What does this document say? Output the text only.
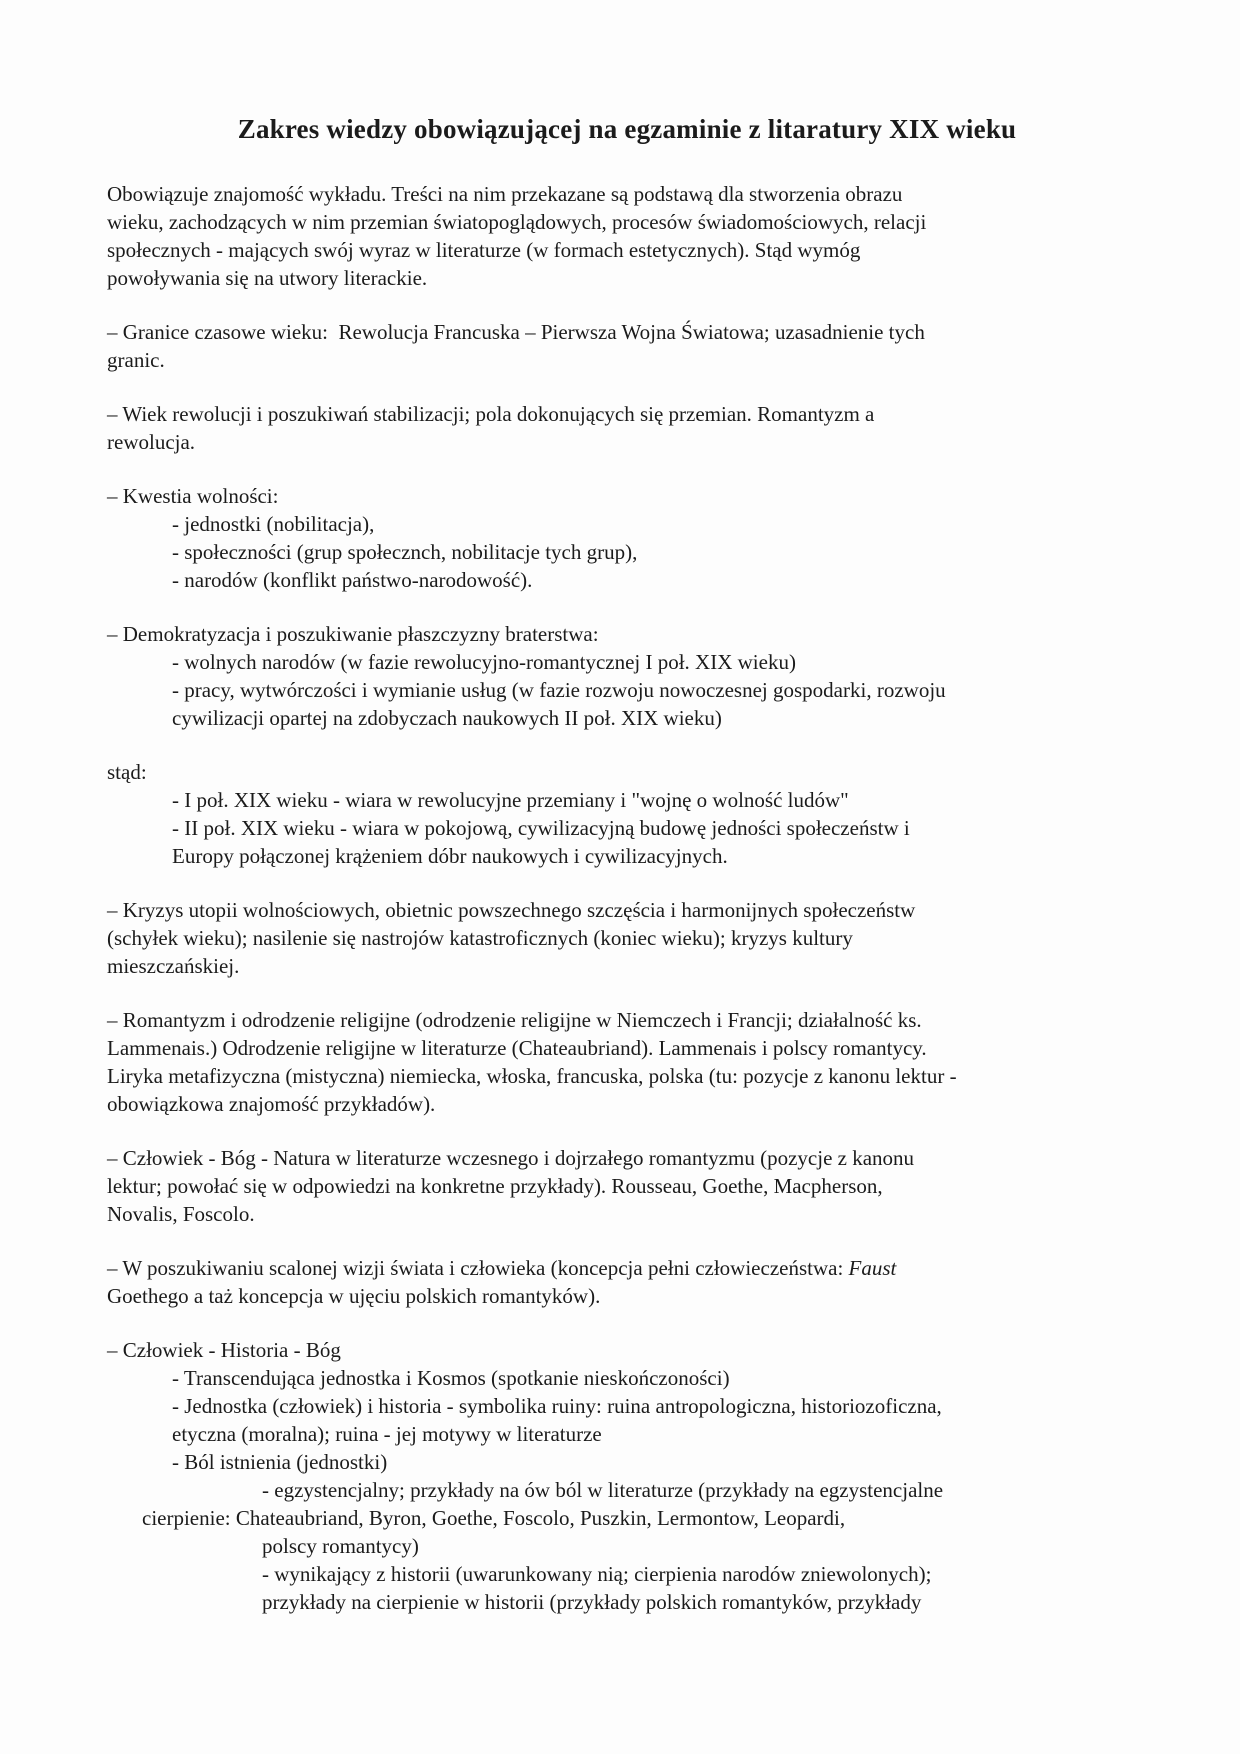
Zakres wiedzy obowiązującej na egzaminie z litaratury XIX wieku
Obowiązuje znajomość wykładu. Treści na nim przekazane są podstawą dla stworzenia obrazu
wieku, zachodzących w nim przemian światopoglądowych, procesów świadomościowych, relacji
społecznych - mających swój wyraz w literaturze (w formach estetycznych). Stąd wymóg
powoływania się na utwory literackie.
– Granice czasowe wieku:  Rewolucja Francuska – Pierwsza Wojna Światowa; uzasadnienie tych
granic.
– Wiek rewolucji i poszukiwań stabilizacji; pola dokonujących się przemian. Romantyzm a
rewolucja.
– Kwestia wolności:
- jednostki (nobilitacja),
- społeczności (grup społecznch, nobilitacje tych grup),
- narodów (konflikt państwo-narodowość).
– Demokratyzacja i poszukiwanie płaszczyzny braterstwa:
- wolnych narodów (w fazie rewolucyjno-romantycznej I poł. XIX wieku)
- pracy, wytwórczości i wymianie usług (w fazie rozwoju nowoczesnej gospodarki, rozwoju
cywilizacji opartej na zdobyczach naukowych II poł. XIX wieku)
stąd:
- I poł. XIX wieku - wiara w rewolucyjne przemiany i "wojnę o wolność ludów"
- II poł. XIX wieku - wiara w pokojową, cywilizacyjną budowę jedności społeczeństw i
Europy połączonej krążeniem dóbr naukowych i cywilizacyjnych.
– Kryzys utopii wolnościowych, obietnic powszechnego szczęścia i harmonijnych społeczeństw
(schyłek wieku); nasilenie się nastrojów katastroficznych (koniec wieku); kryzys kultury
mieszczańskiej.
– Romantyzm i odrodzenie religijne (odrodzenie religijne w Niemczech i Francji; działalność ks.
Lammenais.) Odrodzenie religijne w literaturze (Chateaubriand). Lammenais i polscy romantycy.
Liryka metafizyczna (mistyczna) niemiecka, włoska, francuska, polska (tu: pozycje z kanonu lektur -
obowiązkowa znajomość przykładów).
– Człowiek - Bóg - Natura w literaturze wczesnego i dojrzałego romantyzmu (pozycje z kanonu
lektur; powołać się w odpowiedzi na konkretne przykłady). Rousseau, Goethe, Macpherson,
Novalis, Foscolo.
– W poszukiwaniu scalonej wizji świata i człowieka (koncepcja pełni człowieczeństwa: Faust
Goethego a taż koncepcja w ujęciu polskich romantyków).
– Człowiek - Historia - Bóg
- Transcendująca jednostka i Kosmos (spotkanie nieskończoności)
- Jednostka (człowiek) i historia - symbolika ruiny: ruina antropologiczna, historiozoficzna,
etyczna (moralna); ruina - jej motywy w literaturze
- Ból istnienia (jednostki)
- egzystencjalny; przykłady na ów ból w literaturze (przykłady na egzystencjalne
cierpienie: Chateaubriand, Byron, Goethe, Foscolo, Puszkin, Lermontow, Leopardi,
polscy romantycy)
- wynikający z historii (uwarunkowany nią; cierpienia narodów zniewolonych);
przykłady na cierpienie w historii (przykłady polskich romantyków, przykłady
